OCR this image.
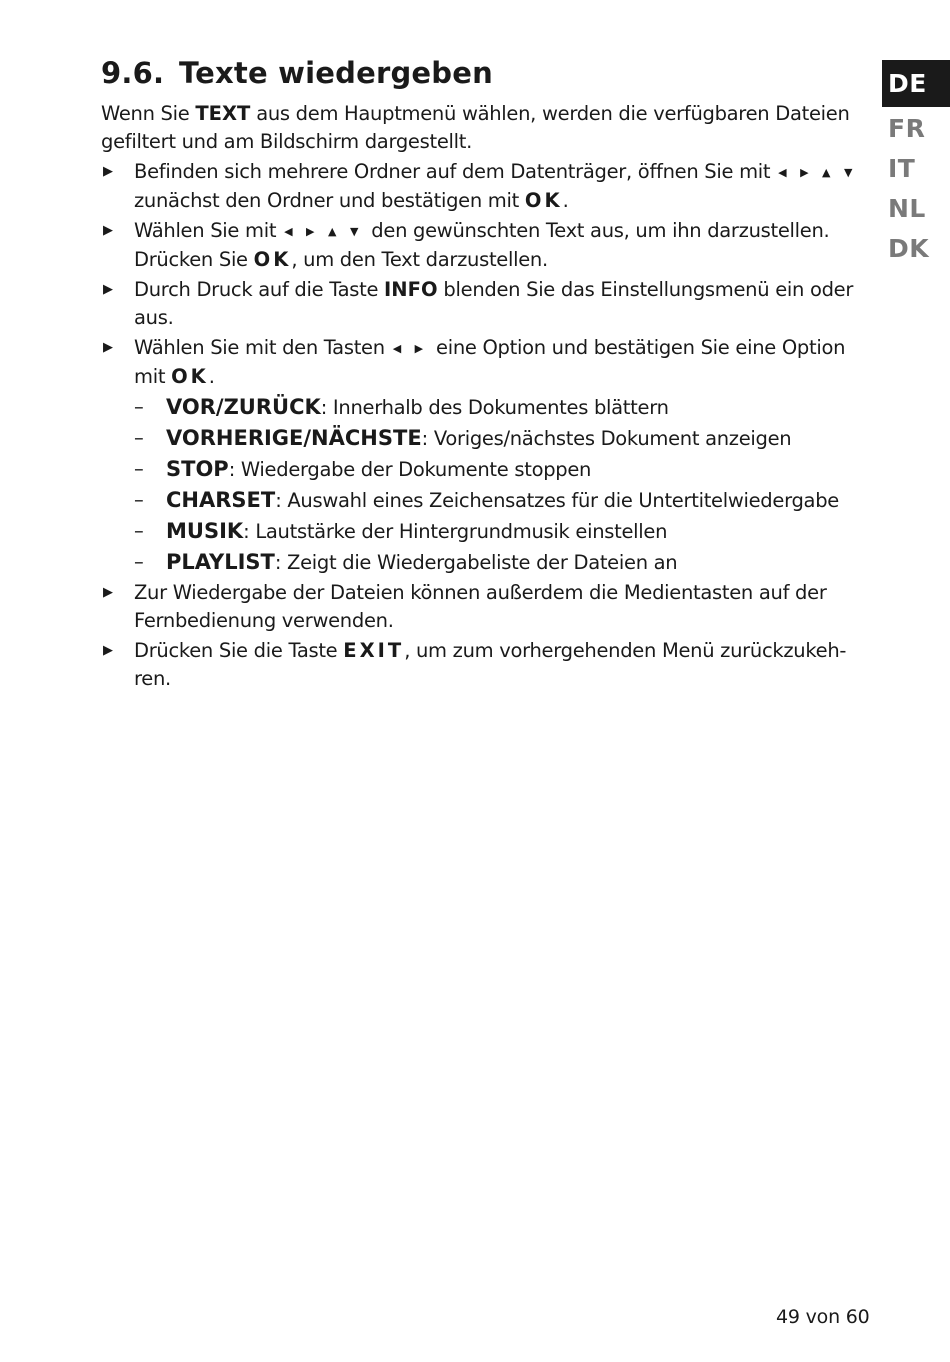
9.6. Texte wiedergeben

Wenn Sie TEXT aus dem Hauptmenü wählen, werden die verfügbaren Dateien gefiltert und am Bildschirm dargestellt.

▶ Befinden sich mehrere Ordner auf dem Datenträger, öffnen Sie mit ◀ ▶ ▲ ▼ zunächst den Ordner und bestätigen mit OK.
▶ Wählen Sie mit ◀ ▶ ▲ ▼ den gewünschten Text aus, um ihn darzustellen. Drücken Sie OK, um den Text darzustellen.
▶ Durch Druck auf die Taste INFO blenden Sie das Einstellungsmenü ein oder aus.
▶ Wählen Sie mit den Tasten ◀ ▶ eine Option und bestätigen Sie eine Option mit OK.
– VOR/ZURÜCK: Innerhalb des Dokumentes blättern
– VORHERIGE/NÄCHSTE: Voriges/nächstes Dokument anzeigen
– STOP: Wiedergabe der Dokumente stoppen
– CHARSET: Auswahl eines Zeichensatzes für die Untertitelwiedergabe
– MUSIK: Lautstärke der Hintergrundmusik einstellen
– PLAYLIST: Zeigt die Wiedergabeliste der Dateien an
▶ Zur Wiedergabe der Dateien können außerdem die Medientasten auf der Fernbedienung verwenden.
▶ Drücken Sie die Taste EXIT, um zum vorhergehenden Menü zurückzukeh-ren.
DE
FR
IT
NL
DK
49 von 60
